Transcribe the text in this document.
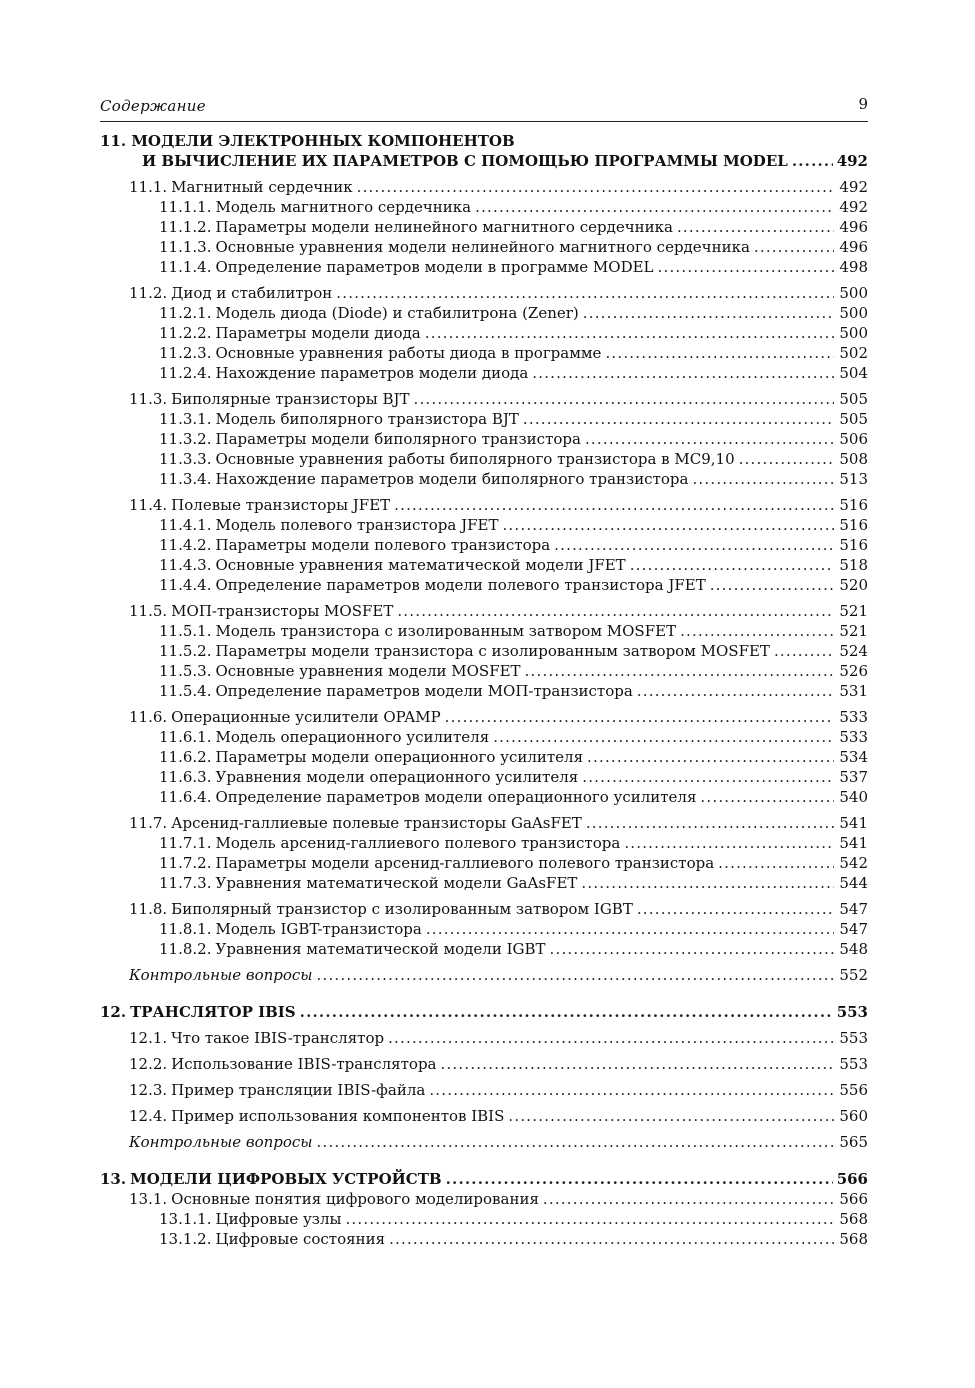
Содержание	9
11. МОДЕЛИ ЭЛЕКТРОННЫХ КОМПОНЕНТОВ
И ВЫЧИСЛЕНИЕ ИХ ПАРАМЕТРОВ С ПОМОЩЬЮ ПРОГРАММЫ MODEL .....	492
11.1. Магнитный сердечник .....	492
11.1.1. Модель магнитного сердечника .....	492
11.1.2. Параметры модели нелинейного магнитного сердечника .....	496
11.1.3. Основные уравнения модели нелинейного магнитного сердечника .....	496
11.1.4. Определение параметров модели в программе MODEL .....	498
11.2. Диод и стабилитрон .....	500
11.2.1. Модель диода (Diode) и стабилитрона (Zener) .....	500
11.2.2. Параметры модели диода .....	500
11.2.3. Основные уравнения работы диода в программе .....	502
11.2.4. Нахождение параметров модели диода .....	504
11.3. Биполярные транзисторы BJT .....	505
11.3.1. Модель биполярного транзистора BJT .....	505
11.3.2. Параметры модели биполярного транзистора .....	506
11.3.3. Основные уравнения работы биполярного транзистора в MC9,10 .....	508
11.3.4. Нахождение параметров модели биполярного транзистора .....	513
11.4. Полевые транзисторы JFET .....	516
11.4.1. Модель полевого транзистора JFET .....	516
11.4.2. Параметры модели полевого транзистора .....	516
11.4.3. Основные уравнения математической модели JFET .....	518
11.4.4. Определение параметров модели полевого транзистора JFET .....	520
11.5. МОП-транзисторы MOSFET .....	521
11.5.1. Модель транзистора с изолированным затвором MOSFET .....	521
11.5.2. Параметры модели транзистора с изолированным затвором MOSFET .....	524
11.5.3. Основные уравнения модели MOSFET .....	526
11.5.4. Определение параметров модели МОП-транзистора .....	531
11.6. Операционные усилители OPAMP .....	533
11.6.1. Модель операционного усилителя .....	533
11.6.2. Параметры модели операционного усилителя .....	534
11.6.3. Уравнения модели операционного усилителя .....	537
11.6.4. Определение параметров модели операционного усилителя .....	540
11.7. Арсенид-галлиевые полевые транзисторы GaAsFET .....	541
11.7.1. Модель арсенид-галлиевого полевого транзистора .....	541
11.7.2. Параметры модели арсенид-галлиевого полевого транзистора .....	542
11.7.3. Уравнения математической модели GaAsFET .....	544
11.8. Биполярный транзистор с изолированным затвором IGBT .....	547
11.8.1. Модель IGBT-транзистора .....	547
11.8.2. Уравнения математической модели IGBT .....	548
Контрольные вопросы .....	552
12. ТРАНСЛЯТОР IBIS .....	553
12.1. Что такое IBIS-транслятор .....	553
12.2. Использование IBIS-транслятора .....	553
12.3. Пример трансляции IBIS-файла .....	556
12.4. Пример использования компонентов IBIS .....	560
Контрольные вопросы .....	565
13. МОДЕЛИ ЦИФРОВЫХ УСТРОЙСТВ .....	566
13.1. Основные понятия цифрового моделирования .....	566
13.1.1. Цифровые узлы .....	568
13.1.2. Цифровые состояния .....	568
